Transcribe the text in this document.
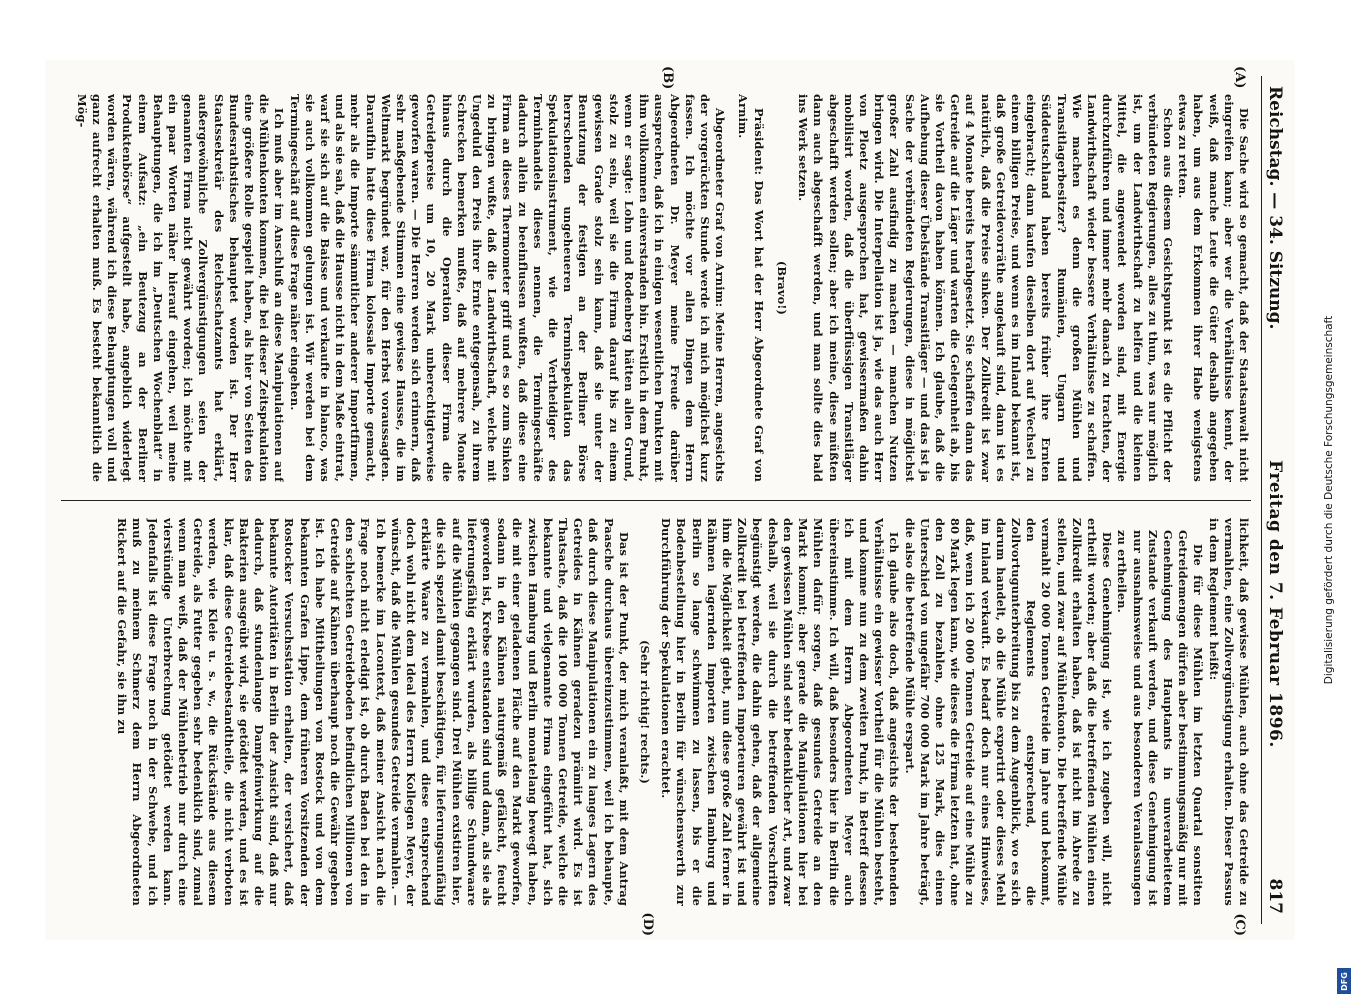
Reichstag. — 34. Sitzung.
Freitag den 7. Februar 1896.
817
(A)
(B)
(C)
(D)

Die Sache wird so gemacht, daß der Staatsanwalt nicht eingreifen kann; aber wer die Verhältnisse kennt, der weiß, daß manche Leute die Güter deshalb angegeben haben, um aus dem Erkommen ihrer Habe wenigstens etwas zu retten.

Schon aus diesem Gesichtspunkt ist es die Pflicht der verbündeten Regierungen, alles zu thun, was nur möglich ist, um der Landwirthschaft zu helfen und die kleinen Mittel, die angewendet worden sind, mit Energie durchzuführen und immer mehr danach zu trachten, der Landwirthschaft wieder bessere Verhältnisse zu schaffen. Wie machen es denn die großen Mühlen und Transitlagerbesitzer? Rumänien, Ungarn und Süddeutschland haben bereits früher ihre Ernten eingebracht; dann kaufen dieselben dort auf Wechsel zu einem billigen Preise, und wenn es im Inland bekannt ist, daß große Getreidevorräthe angekauft sind, dann ist es natürlich, daß die Preise sinken. Der Zollkredit ist zwar auf 4 Monate bereits herabgesetzt. Sie schaffen dann das Getreide auf die Läger und warten die Gelegenheit ab, bis sie Vortheil davon haben können. Ich glaube, daß die Aufhebung dieser Übelstände Transitläger — und das ist ja Sache der verbündeten Regierungen, diese in möglichst großer Zahl ausfindig zu machen — manchen Nutzen bringen wird. Die Interpellation ist ja, wie das auch Herr von Ploetz ausgesprochen hat, gewissermaßen dahin mobilisirt worden, daß die überflüssigen Transitläger abgeschafft werden sollen; aber ich meine, diese müßten dann auch abgeschafft werden, und man sollte dies bald ins Werk setzen.

(Bravo!)

Präsident: Das Wort hat der Herr Abgeordnete Graf von Arnim.

Abgeordneter Graf von Arnim: Meine Herren, angesichts der vorgerückten Stunde werde ich mich möglichst kurz fassen. Ich möchte vor allen Dingen dem Herrn Abgeordneten Dr. Meyer meine Freude darüber aussprechen, daß ich in einigen wesentlichen Punkten mit ihm vollkommen einverstanden bin. Erstlich in dem Punkt, wenn er sagte: Lohn und Rodenberg hätten allen Grund, stolz zu sein, weil sie die Firma darauf bis zu einem gewissen Grade stolz sein kann, daß sie unter der Benutzung der festigen an der Berliner Börse herrschenden ungeheueren Terminspekulation das Spekulationsinstrument, wie die Vertheidiger des Terminhandels dieses nennen, die Termingeschäfte dadurch allein zu beeinflussen wußten, daß diese eine Firma an dieses Thermometer griff und es so zum Sinken zu bringen wußte, daß die Landwirthschaft, welche mit Ungeduld den Preis ihrer Ernte entgegensah, zu ihrem Schrecken bemerken mußte, daß auf mehrere Monate hinaus durch die Operation dieser Firma die Getreidepreise um 10, 20 Mark unberechtigterweise geworfen waren. — Die Herren werden sich erinnern, daß sehr maßgebende Stimmen eine gewisse Hausse, die im Weltmarkt begründet war, für den Herbst voraussagten. Daraufhin hatte diese Firma kolossale Importe gemacht, mehr als die Importe sämmtlicher anderer Importfirmen, und als sie sah, daß die Hausse nicht in dem Maße eintrat, warf sie sich auf die Baisse und verkaufte in blanco, was sie auch vollkommen gelungen ist. Wir werden bei dem Termingeschäft auf diese Frage näher eingehen.

Ich muß aber im Anschluß an diese Manipulationen auf die Mühlenkonten kommen, die bei dieser Zeitspekulation eine größere Rolle gespielt haben, als hier von Seiten des Bundesrathstisches behauptet worden ist. Der Herr Staatssekretär des Reichsschatzamts hat erklärt, außergewöhnliche Zollvergünstigungen seien der genannten Firma nicht gewährt worden; ich möchte mit ein paar Worten näher hierauf eingehen, weil meine Behauptungen, die ich im „Deutschen Wochenblatt“ in einem Aufsatz: „ein Beutezug an der Berliner Produktenbörse“ aufgestellt habe, angeblich widerlegt worden wären, während ich diese Behauptungen voll und ganz aufrecht erhalten muß. Es besteht bekanntlich die Mög-

lichkeit, daß gewisse Mühlen, auch ohne das Getreide zu vermahlen, eine Zollvergünstigung erhalten. Dieser Passus in dem Reglement heißt:

Die für diese Mühlen im letzten Quartal sonstiten Getreidemengen dürfen aber bestimmungsmäßig nur mit Genehmigung des Hauptamts in unverarbeitetem Zustande verkauft werden, und diese Genehmigung ist nur ausnahmsweise und aus besonderen Veranlassungen zu ertheilen.

Diese Genehmigung ist, wie ich zugeben will, nicht ertheilt worden; aber daß die betreffenden Mühlen einen Zollkredit erhalten haben, daß ist nicht im Abrede zu stellen, und zwar auf Mühlenkonto. Die betreffende Mühle vermahlt 20 000 Tonnen Getreide im Jahre und bekommt, den Reglements entsprechend, die Zollvortugunterbreitung bis zu dem Augenblick, wo es sich darum handelt, ob die Mühle exportirt oder dieses Mehl im Inland verkauft. Es bedarf doch nur eines Hinweises, daß, wenn ich 20 000 Tonnen Getreide auf eine Mühle zu 80 Mark legen kann, wie dieses die Firma letzten hat, ohne den Zoll zu bezahlen, ohne 125 Mark, dies einen Unterschied von ungefähr 700 000 Mark im Jahre beträgt, die also die betreffende Mühle erspart.

Ich glaube also doch, daß angesichts der bestehenden Verhältnisse ein gewisser Vortheil für die Mühlen besteht, und komme nun zu dem zweiten Punkt, in Betreff dessen ich mit dem Herrn Abgeordneten Meyer auch übereinstimme. Ich will, daß besonders hier in Berlin die Mühlen dafür sorgen, daß gesundes Getreide an den Markt kommt; aber gerade die Manipulationen hier bei den gewissen Mühlen sind sehr bedenklicher Art, und zwar deshalb, weil sie durch die betreffenden Vorschriften begünstigt werden, die dahin gehen, daß der allgemeine Zollkredit bei betreffenden Importeuren gewährt ist und ihm die Möglichkeit giebt, nun diese große Zahl ferner in Rähmen lagernden Importen zwischen Hamburg und Berlin so lange schwimmen zu lassen, bis er die Bodenbestellung hier in Berlin für wünschenswerth zur Durchführung der Spekulationen erachtet.

(Sehr richtig! rechts.)

Das ist der Punkt, der mich veranlaßt, mit dem Antrag Paasche durchaus übereinzustimmen, weil ich behaupte, daß durch diese Manipulationen ein zu langes Lagern des Getreides in Kähnen geradezu prämiirt wird. Es ist Thatsache, daß die 100 000 Tonnen Getreide, welche die bekannte und vielgenannte Firma eingeführt hat, sich zwischen Hamburg und Berlin monatelang bewegt haben, die mit einer geladenen Fläche auf den Markt geworfen, sodann in den Kähnen naturgemäß gefälscht, feucht geworden ist, Krebse entstanden sind und dann, als sie als lieferungsfähig erklärt wurden, als billige Schundwaare auf die Mühlen gegangen sind. Drei Mühlen existiren hier, die sich speziell damit beschäftigen, für lieferungsunfähig erklärte Waare zu vermahlen, und diese entsprechend doch wohl nicht dem Ideal des Herrn Kollegen Meyer, der wünscht, daß die Mühlen gesundes Getreide vermahlen. — Ich bemerke im Lacontext, daß meiner Ansicht nach die Frage noch nicht erledigt ist, ob durch Baden bei den in den schlechten Getreideboden befindlichen Millionen von Getreide auf Kähnen überhaupt noch die Gewähr gegeben ist. Ich habe Mittheilungen von Rostock und von dem bekannten Grafen Lippe, dem früheren Vorsitzenden der Rostocker Versuchsstation erhalten, der versichert, daß bekannte Autoritäten in Berlin der Ansicht sind, daß nur dadurch, daß stundenlange Dampfeinwirkung auf die Bakterien ausgeübt wird, sie getödtet werden, und es ist klar, daß diese Getreidebestandtheile, die nicht verboten werden, wie Kleie u. s. w., die Rückstände aus diesem Getreide, als Futter gegeben sehr bedenklich sind, zumal wenn man weiß, daß der Mühlenbetrieb nur durch eine vierstündige Unterbrechung getödtet werden kann. Jedenfalls ist diese Frage noch in der Schwebe, und ich muß zu meinem Schmerz dem Herrn Abgeordneten Rickert auf die Gefahr, sie ihn zu	Digitalisierung gefördert durch die Deutsche Forschungsgemeinschaft
DFG
